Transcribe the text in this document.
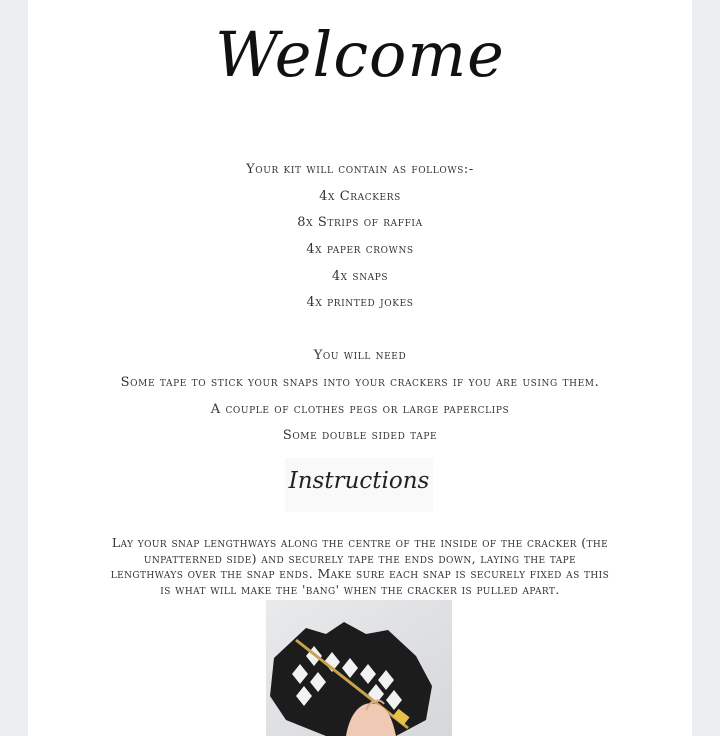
Welcome

Your kit will contain as follows:-

4x Crackers

8x Strips of raffia

4x paper crowns

4x snaps

4x printed jokes

You will need

Some tape to stick your snaps into your crackers if you are using them.

A couple of clothes pegs or large paperclips

Some double sided tape

Instructions

Lay your snap lengthways along the centre of the inside of the cracker (the unpatterned side) and securely tape the ends down, laying the tape lengthways over the snap ends. Make sure each snap is securely fixed as this is what will make the 'bang' when the cracker is pulled apart.
